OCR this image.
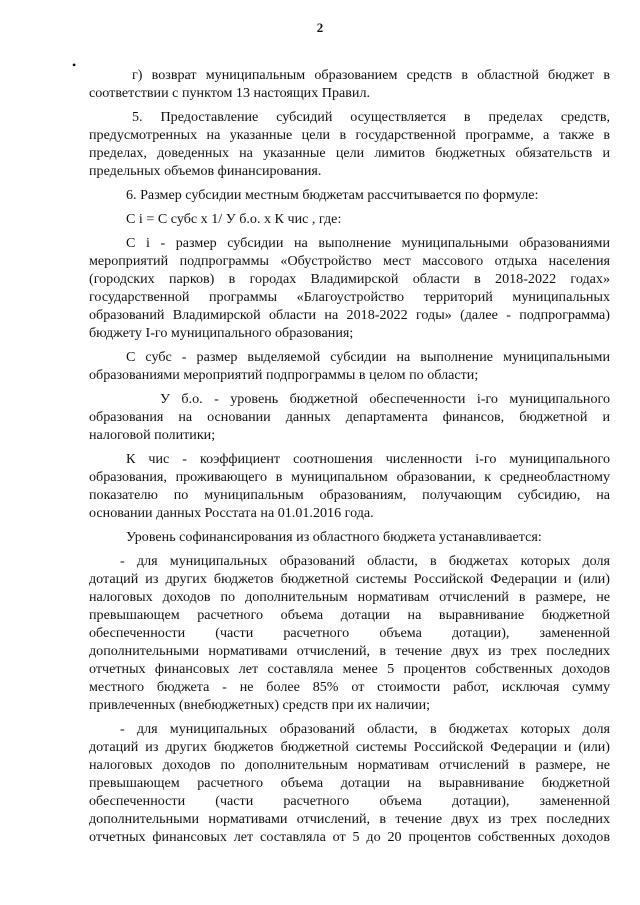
2
•
г) возврат муниципальным образованием средств в областной бюджет в
соответствии с пунктом 13 настоящих Правил.
5. Предоставление субсидий осуществляется в пределах средств,
предусмотренных на указанные цели в государственной программе, а также в
пределах, доведенных на указанные цели лимитов бюджетных обязательств и
предельных объемов финансирования.
6. Размер субсидии местным бюджетам рассчитывается по формуле:
С i = С субс х 1/ У б.о. х К чис , где:
С i - размер субсидии на выполнение муниципальными образованиями
мероприятий подпрограммы «Обустройство мест массового отдыха населения
(городских парков) в городах Владимирской области в 2018-2022 годах»
государственной программы «Благоустройство территорий муниципальных
образований Владимирской области на 2018-2022 годы» (далее - подпрограмма)
бюджету I-го муниципального образования;
С субс - размер выделяемой субсидии на выполнение муниципальными
образованиями мероприятий подпрограммы в целом по области;
У б.о. - уровень бюджетной обеспеченности i-го муниципального
образования на основании данных департамента финансов, бюджетной и
налоговой политики;
К чис - коэффициент соотношения численности i-го муниципального
образования, проживающего в муниципальном образовании, к среднеобластному
показателю по муниципальным образованиям, получающим субсидию, на
основании данных Росстата на 01.01.2016 года.
Уровень софинансирования из областного бюджета устанавливается:
- для муниципальных образований области, в бюджетах которых доля
дотаций из других бюджетов бюджетной системы Российской Федерации и (или)
налоговых доходов по дополнительным нормативам отчислений в размере, не
превышающем расчетного объема дотации на выравнивание бюджетной
обеспеченности (части расчетного объема дотации), замененной
дополнительными нормативами отчислений, в течение двух из трех последних
отчетных финансовых лет составляла менее 5 процентов собственных доходов
местного бюджета - не более 85% от стоимости работ, исключая сумму
привлеченных (внебюджетных) средств при их наличии;
- для муниципальных образований области, в бюджетах которых доля
дотаций из других бюджетов бюджетной системы Российской Федерации и (или)
налоговых доходов по дополнительным нормативам отчислений в размере, не
превышающем расчетного объема дотации на выравнивание бюджетной
обеспеченности (части расчетного объема дотации), замененной
дополнительными нормативами отчислений, в течение двух из трех последних
отчетных финансовых лет составляла от 5 до 20 процентов собственных доходов
